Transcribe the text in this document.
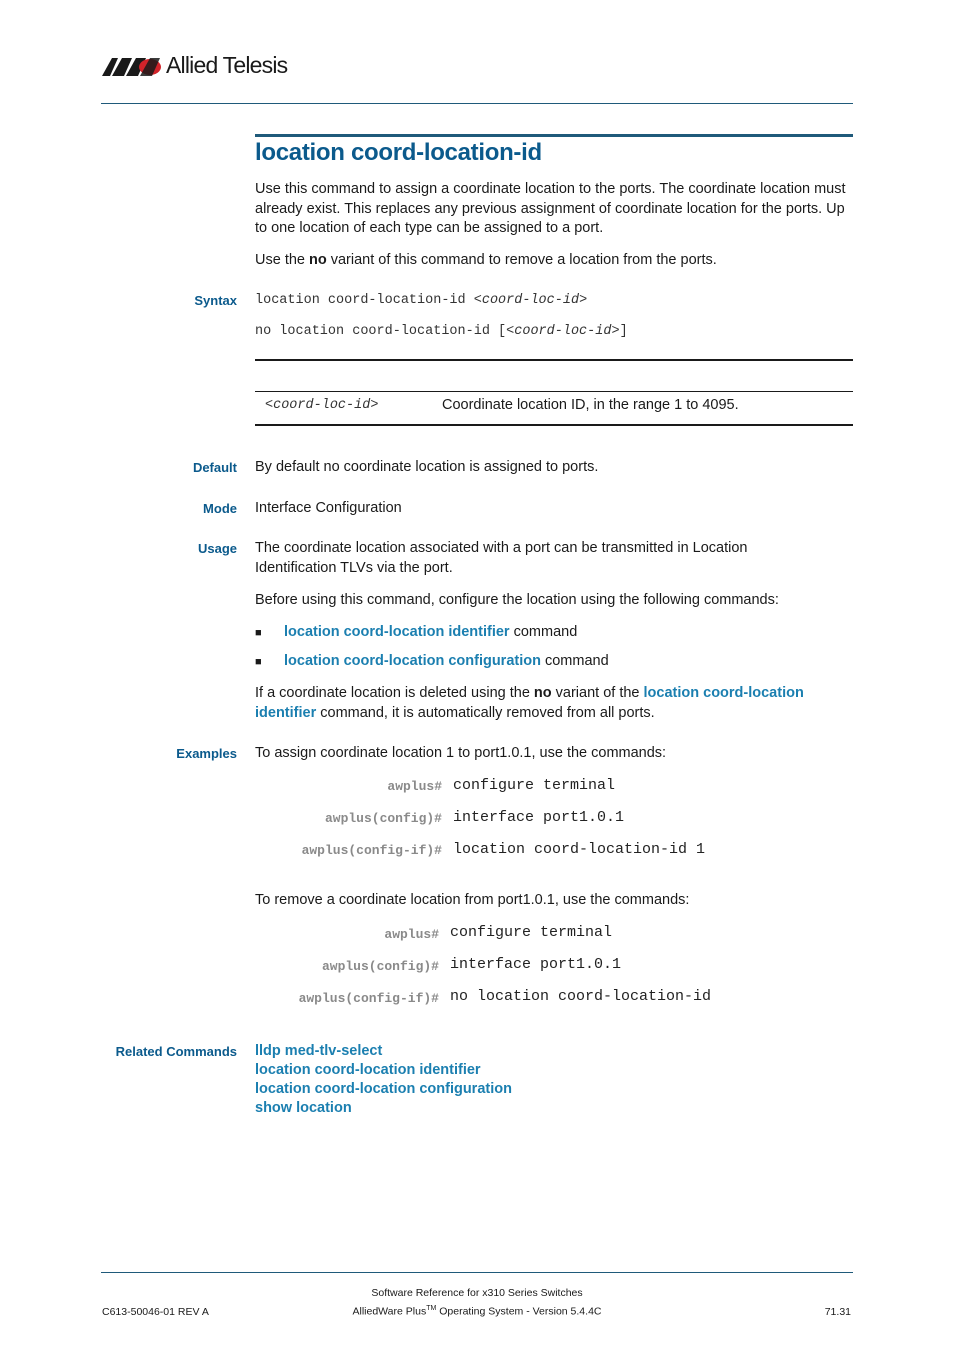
Allied Telesis
location coord-location-id
Use this command to assign a coordinate location to the ports. The coordinate location must already exist. This replaces any previous assignment of coordinate location for the ports. Up to one location of each type can be assigned to a port.
Use the no variant of this command to remove a location from the ports.
Syntax location coord-location-id <coord-loc-id>
no location coord-location-id [<coord-loc-id>]
<coord-loc-id>	Coordinate location ID, in the range 1 to 4095.
Default By default no coordinate location is assigned to ports.
Mode Interface Configuration
Usage The coordinate location associated with a port can be transmitted in Location Identification TLVs via the port.
Before using this command, configure the location using the following commands:
■ location coord-location identifier command
■ location coord-location configuration command
If a coordinate location is deleted using the no variant of the location coord-location identifier command, it is automatically removed from all ports.
Examples To assign coordinate location 1 to port1.0.1, use the commands:
awplus# configure terminal
awplus(config)# interface port1.0.1
awplus(config-if)# location coord-location-id 1
To remove a coordinate location from port1.0.1, use the commands:
awplus# configure terminal
awplus(config)# interface port1.0.1
awplus(config-if)# no location coord-location-id
Related Commands lldp med-tlv-select
location coord-location identifier
location coord-location configuration
show location
Software Reference for x310 Series Switches
AlliedWare Plus™ Operating System - Version 5.4.4C
C613-50046-01 REV A	71.31
